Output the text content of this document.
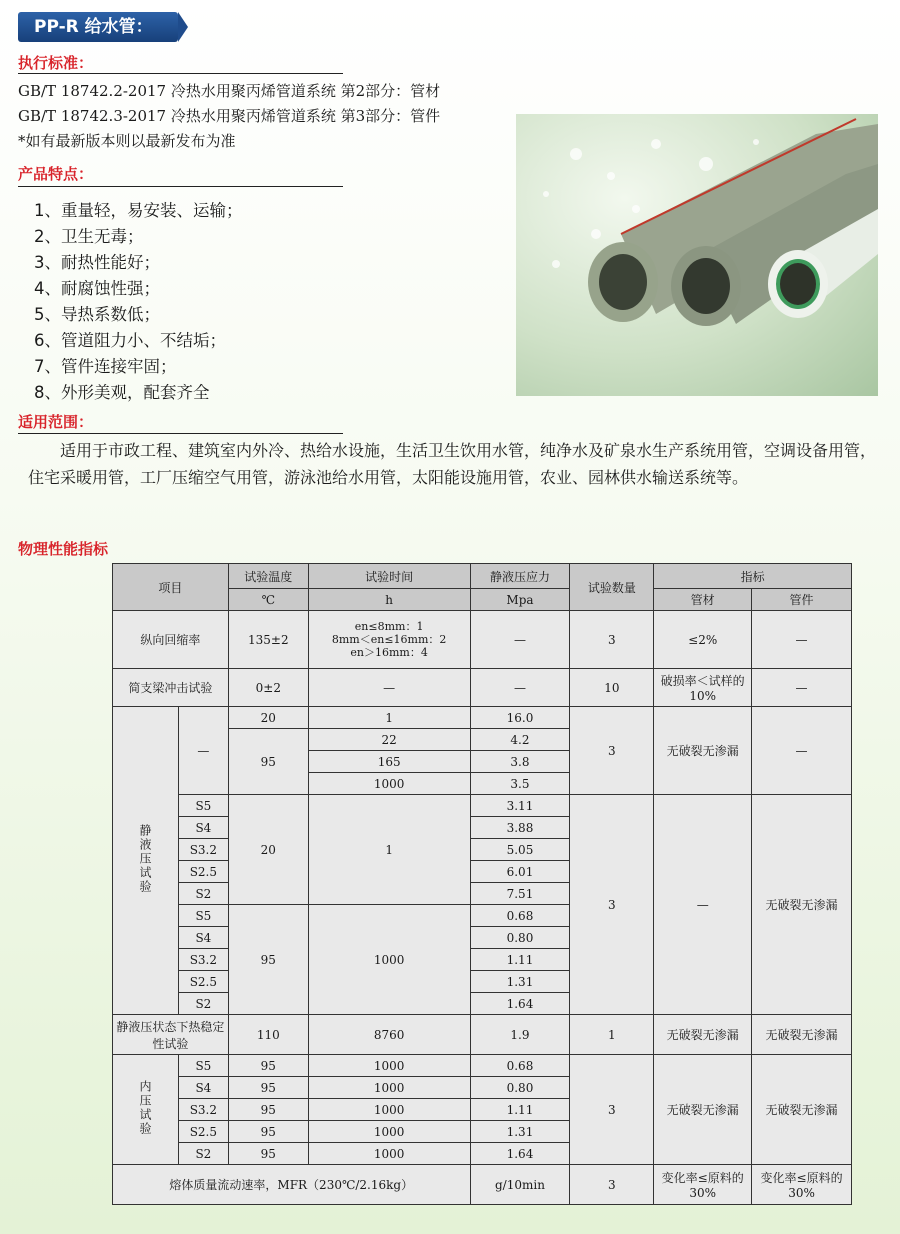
PP-R 给水管：
执行标准：
GB/T 18742.2-2017 冷热水用聚丙烯管道系统 第2部分：管材
GB/T 18742.3-2017 冷热水用聚丙烯管道系统 第3部分：管件
*如有最新版本则以最新发布为准
产品特点：
1、重量轻，易安装、运输；
2、卫生无毒；
3、耐热性能好；
4、耐腐蚀性强；
5、导热系数低；
6、管道阻力小、不结垢；
7、管件连接牢固；
8、外形美观，配套齐全
适用范围：
适用于市政工程、建筑室内外冷、热给水设施，生活卫生饮用水管，纯净水及矿泉水生产系统用管，空调设备用管，住宅采暖用管，工厂压缩空气用管，游泳池给水用管，太阳能设施用管，农业、园林供水输送系统等。
物理性能指标
项目		试验温度	试验时间	静液压应力	试验数量	指标	
		℃	h	Mpa		管材	管件
纵向回缩率		135±2	en≤8mm：1
8mm＜en≤16mm：2
en＞16mm：4	—	3	≤2%	—
简支梁冲击试验		0±2	—	—	10	破损率＜试样的10%	—
静液压试验	—	20	1	16.0	3	无破裂无渗漏	—
		95	22	4.2			
			165	3.8			
			1000	3.5			
	S5	20	1	3.11	3	—	无破裂无渗漏
	S4			3.88			
	S3.2			5.05			
	S2.5			6.01			
	S2			7.51			
	S5	95	1000	0.68			
	S4			0.80			
	S3.2			1.11			
	S2.5			1.31			
	S2			1.64			
静液压状态下热稳定性试验		110	8760	1.9	1	无破裂无渗漏	无破裂无渗漏
内压试验	S5	95	1000	0.68	3	无破裂无渗漏	无破裂无渗漏
	S4	95	1000	0.80			
	S3.2	95	1000	1.11			
	S2.5	95	1000	1.31			
	S2	95	1000	1.64			
熔体质量流动速率，MFR（230℃/2.16kg）				g/10min	3	变化率≤原料的30%	变化率≤原料的30%
